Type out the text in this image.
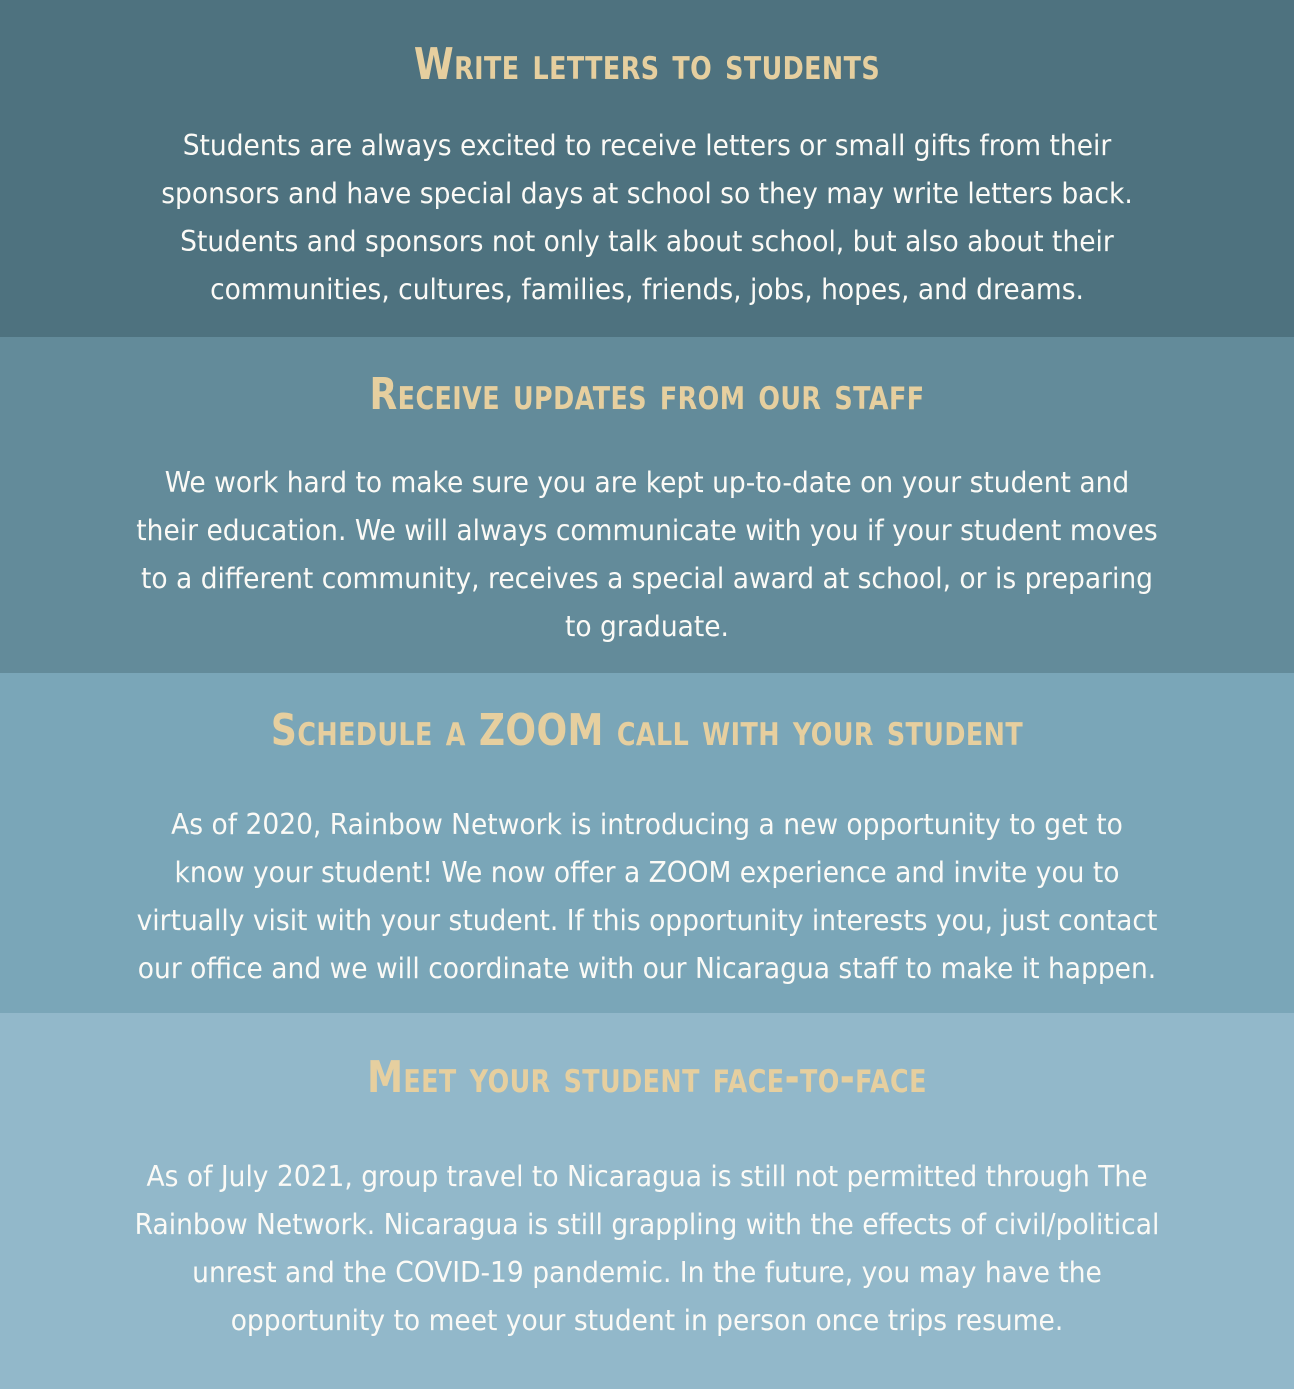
Write letters to students
Students are always excited to receive letters or small gifts from their
sponsors and have special days at school so they may write letters back.
Students and sponsors not only talk about school, but also about their
communities, cultures, families, friends, jobs, hopes, and dreams.
Receive updates from our staff
We work hard to make sure you are kept up-to-date on your student and
their education. We will always communicate with you if your student moves
to a different community, receives a special award at school, or is preparing
to graduate.
Schedule a ZOOM call with your student
As of 2020, Rainbow Network is introducing a new opportunity to get to
know your student! We now offer a ZOOM experience and invite you to
virtually visit with your student. If this opportunity interests you, just contact
our office and we will coordinate with our Nicaragua staff to make it happen.
Meet your student face-to-face
As of July 2021, group travel to Nicaragua is still not permitted through The
Rainbow Network. Nicaragua is still grappling with the effects of civil/political
unrest and the COVID-19 pandemic. In the future, you may have the
opportunity to meet your student in person once trips resume.
